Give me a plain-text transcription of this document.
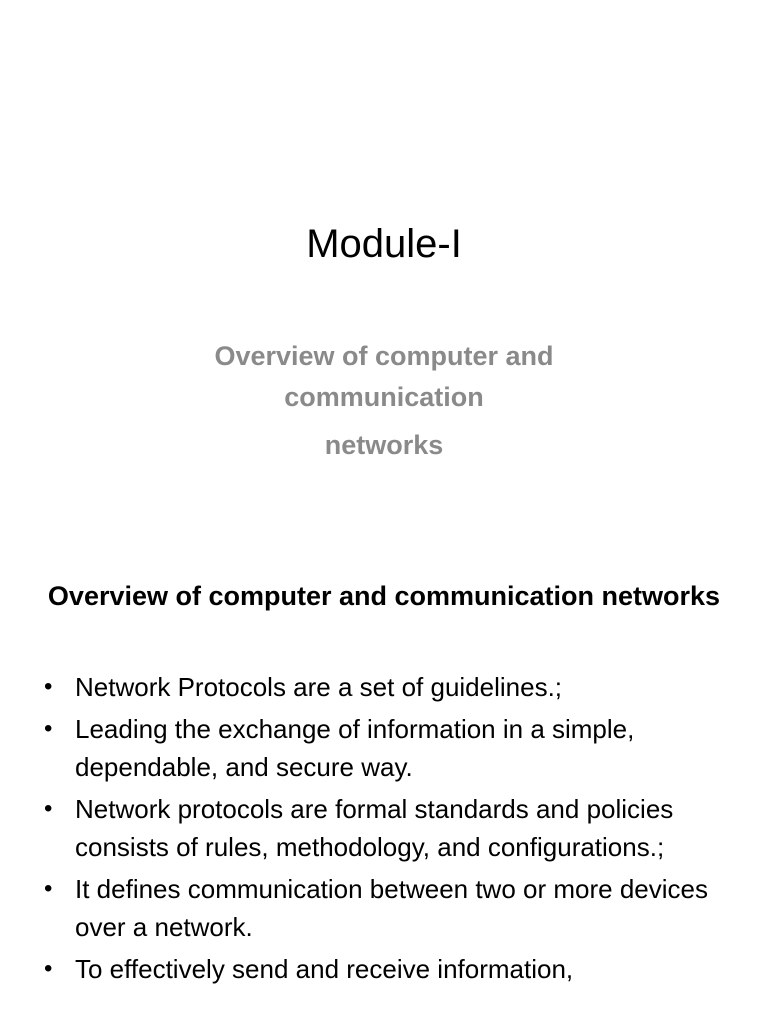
Module-I
Overview of computer and communication
networks
Overview of computer and communication networks
• Network Protocols are a set of guidelines.;
• Leading the exchange of information in a simple, dependable, and secure way.
• Network protocols are formal standards and policies consists of rules, methodology, and configurations.;
• It defines communication between two or more devices over a network.
• To effectively send and receive information,
